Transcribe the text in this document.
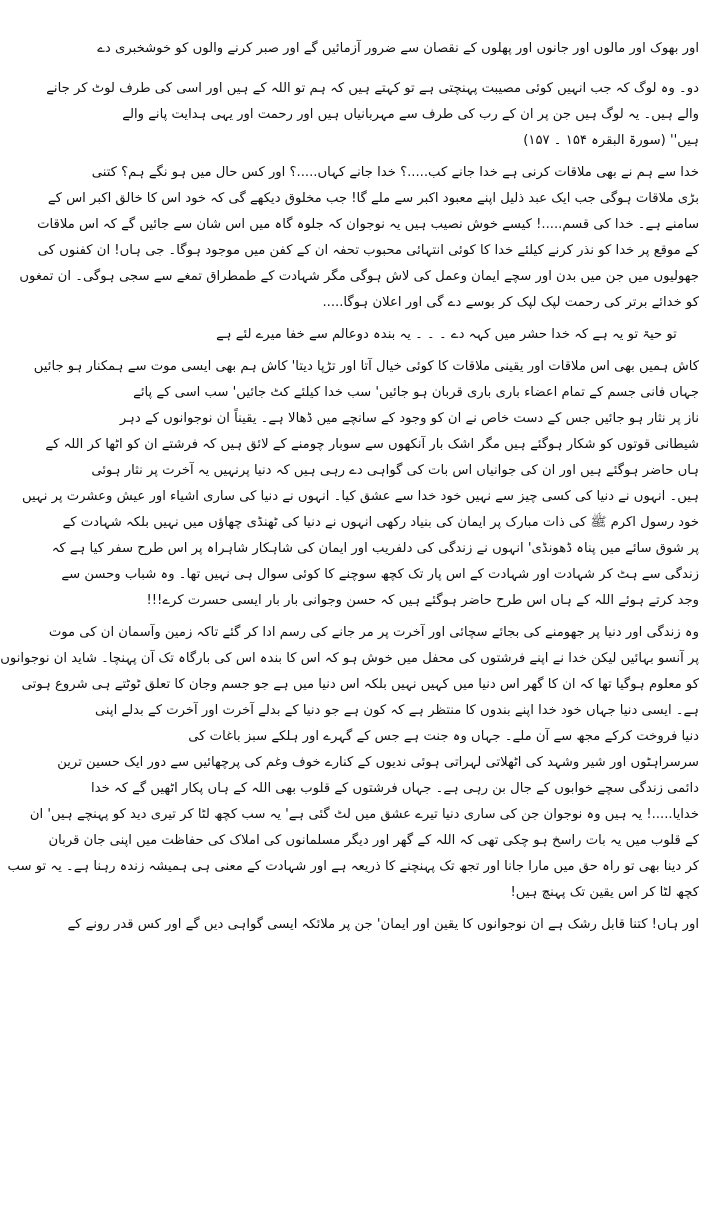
اور بھوک اور مالوں اور جانوں اور پھلوں کے نقصان سے ضرور آزمائیں گے اور صبر کرنے والوں کو خوشخبری دے
دو۔ وہ لوگ کہ جب انہیں کوئی مصیبت پہنچتی ہے تو کہتے ہیں کہ ہم تو اللہ کے ہیں اور اسی کی طرف لوٹ کر جانے
والے ہیں۔ یہ لوگ ہیں جن پر ان کے رب کی طرف سے مہربانیاں ہیں اور رحمت اور یہی ہدایت پانے والے
ہیں'' (سورۃ البقرہ ۱۵۴ ۔ ۱۵۷)
خدا سے ہم نے بھی ملاقات کرنی ہے خدا جانے کب.....؟ خدا جانے کہاں.....؟ اور کس حال میں ہو نگے ہم؟ کتنی
بڑی ملاقات ہوگی جب ایک عبد ذلیل اپنے معبود اکبر سے ملے گا! جب مخلوق دیکھے گی کہ خود اس کا خالق اکبر اس کے
سامنے ہے۔ خدا کی قسم.....! کیسے خوش نصیب ہیں یہ نوجوان کہ جلوہ گاہ میں اس شان سے جائیں گے کہ اس ملاقات
کے موقع پر خدا کو نذر کرنے کیلئے خدا کا کوئی انتہائی محبوب تحفہ ان کے کفن میں موجود ہوگا۔ جی ہاں! ان کفنوں کی
جھولیوں میں جن میں بدن اور سچے ایمان وعمل کی لاش ہوگی مگر شہادت کے طمطراق تمغے سے سجی ہوگی۔ ان تمغوں
کو خدائے برتر کی رحمت لپک لپک کر بوسے دے گی اور اعلان ہوگا.....
تو حیۃ تو یہ ہے کہ خدا حشر میں کہہ دے ۔ ۔ ۔ یہ بندہ دوعالم سے خفا میرے لئے ہے
کاش ہمیں بھی اس ملاقات اور یقینی ملاقات کا کوئی خیال آتا اور تڑپا دیتا' کاش ہم بھی ایسی موت سے ہمکنار ہو جائیں
جہاں فانی جسم کے تمام اعضاء باری باری قربان ہو جائیں' سب خدا کیلئے کٹ جائیں' سب اسی کے پائے
ناز پر نثار ہو جائیں جس کے دست خاص نے ان کو وجود کے سانچے میں ڈھالا ہے۔ یقیناً ان نوجوانوں کے دہر
شیطانی قوتوں کو شکار ہوگئے ہیں مگر اشک بار آنکھوں سے سوبار چومنے کے لائق ہیں کہ فرشتے ان کو اٹھا کر اللہ کے
ہاں حاضر ہوگئے ہیں اور ان کی جوانیاں اس بات کی گواہی دے رہی ہیں کہ دنیا پرنہیں یہ آخرت پر نثار ہوئی
ہیں۔ انہوں نے دنیا کی کسی چیز سے نہیں خود خدا سے عشق کیا۔ انہوں نے دنیا کی ساری اشیاء اور عیش وعشرت پر نہیں
خود رسول اکرم ﷺ کی ذات مبارک پر ایمان کی بنیاد رکھی انہوں نے دنیا کی ٹھنڈی چھاؤں میں نہیں بلکہ شہادت کے
پر شوق سائے میں پناہ ڈھونڈی' انہوں نے زندگی کی دلفریب اور ایمان کی شاہکار شاہراہ پر اس طرح سفر کیا ہے کہ
زندگی سے ہٹ کر شہادت اور شہادت کے اس پار تک کچھ سوچنے کا کوئی سوال ہی نہیں تھا۔ وہ شباب وحسن سے
وجد کرتے ہوئے اللہ کے ہاں اس طرح حاضر ہوگئے ہیں کہ حسن وجوانی بار بار ایسی حسرت کرے!!!
وہ زندگی اور دنیا پر جھومنے کی بجائے سچائی اور آخرت پر مر جانے کی رسم ادا کر گئے تاکہ زمین وآسمان ان کی موت
پر آنسو بہائیں لیکن خدا نے اپنے فرشتوں کی محفل میں خوش ہو کہ اس کا بندہ اس کی بارگاہ تک آن پہنچا۔ شاید ان نوجوانوں
کو معلوم ہوگیا تھا کہ ان کا گھر اس دنیا میں کہیں نہیں بلکہ اس دنیا میں ہے جو جسم وجان کا تعلق ٹوٹتے ہی شروع ہوتی
ہے۔ ایسی دنیا جہاں خود خدا اپنے بندوں کا منتظر ہے کہ کون ہے جو دنیا کے بدلے آخرت اور آخرت کے بدلے اپنی
دنیا فروخت کرکے مجھ سے آن ملے۔ جہاں وہ جنت ہے جس کے گہرے اور ہلکے سبز باغات کی
سرسراہٹوں اور شیر وشہد کی اٹھلاتی لہراتی ہوئی ندیوں کے کنارے خوف وغم کی پرچھائیں سے دور ایک حسین ترین
دائمی زندگی سچے خوابوں کے جال بن رہی ہے۔ جہاں فرشتوں کے قلوب بھی اللہ کے ہاں پکار اٹھیں گے کہ خدا
خدایا.....! یہ ہیں وہ نوجوان جن کی ساری دنیا تیرے عشق میں لٹ گئی ہے' یہ سب کچھ لٹا کر تیری دید کو پہنچے ہیں' ان
کے قلوب میں یہ بات راسخ ہو چکی تھی کہ اللہ کے گھر اور دیگر مسلمانوں کی املاک کی حفاظت میں اپنی جان قربان
کر دینا بھی تو راہ حق میں مارا جانا اور تجھ تک پہنچنے کا ذریعہ ہے اور شہادت کے معنی ہی ہمیشہ زندہ رہنا ہے۔ یہ تو سب
کچھ لٹا کر اس یقین تک پہنچ ہیں!
اور ہاں! کتنا قابل رشک ہے ان نوجوانوں کا یقین اور ایمان' جن پر ملائکہ ایسی گواہی دیں گے اور کس قدر رونے کے
